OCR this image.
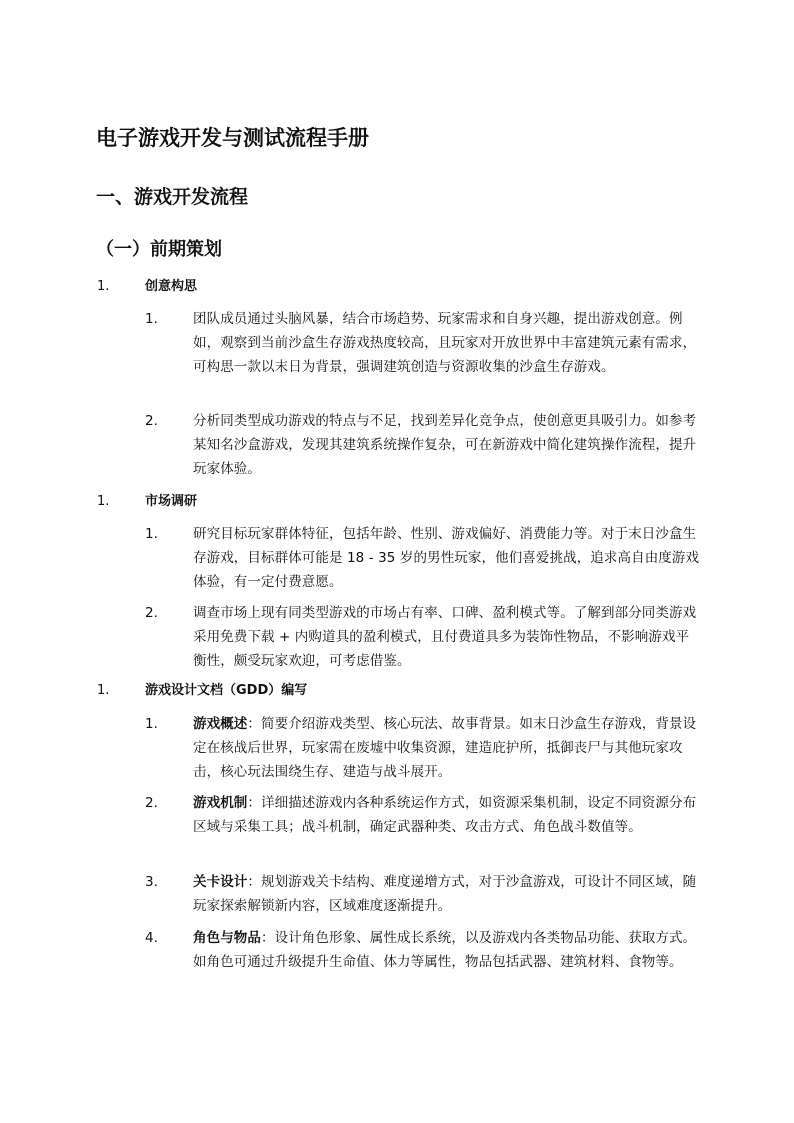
电子游戏开发与测试流程手册
一、游戏开发流程
（一）前期策划
1.	创意构思
1.	团队成员通过头脑风暴，结合市场趋势、玩家需求和自身兴趣，提出游戏创意。例如，观察到当前沙盒生存游戏热度较高，且玩家对开放世界中丰富建筑元素有需求，可构思一款以末日为背景，强调建筑创造与资源收集的沙盒生存游戏。
2.	分析同类型成功游戏的特点与不足，找到差异化竞争点，使创意更具吸引力。如参考某知名沙盒游戏，发现其建筑系统操作复杂，可在新游戏中简化建筑操作流程，提升玩家体验。
1.	市场调研
1.	研究目标玩家群体特征，包括年龄、性别、游戏偏好、消费能力等。对于末日沙盒生存游戏，目标群体可能是 18 - 35 岁的男性玩家，他们喜爱挑战，追求高自由度游戏体验，有一定付费意愿。
2.	调查市场上现有同类型游戏的市场占有率、口碑、盈利模式等。了解到部分同类游戏采用免费下载 + 内购道具的盈利模式，且付费道具多为装饰性物品，不影响游戏平衡性，颇受玩家欢迎，可考虑借鉴。
1.	游戏设计文档（GDD）编写
1.	游戏概述：简要介绍游戏类型、核心玩法、故事背景。如末日沙盒生存游戏，背景设定在核战后世界，玩家需在废墟中收集资源，建造庇护所，抵御丧尸与其他玩家攻击，核心玩法围绕生存、建造与战斗展开。
2.	游戏机制：详细描述游戏内各种系统运作方式，如资源采集机制，设定不同资源分布区域与采集工具；战斗机制，确定武器种类、攻击方式、角色战斗数值等。
3.	关卡设计：规划游戏关卡结构、难度递增方式，对于沙盒游戏，可设计不同区域，随玩家探索解锁新内容，区域难度逐渐提升。
4.	角色与物品：设计角色形象、属性成长系统，以及游戏内各类物品功能、获取方式。如角色可通过升级提升生命值、体力等属性，物品包括武器、建筑材料、食物等。
